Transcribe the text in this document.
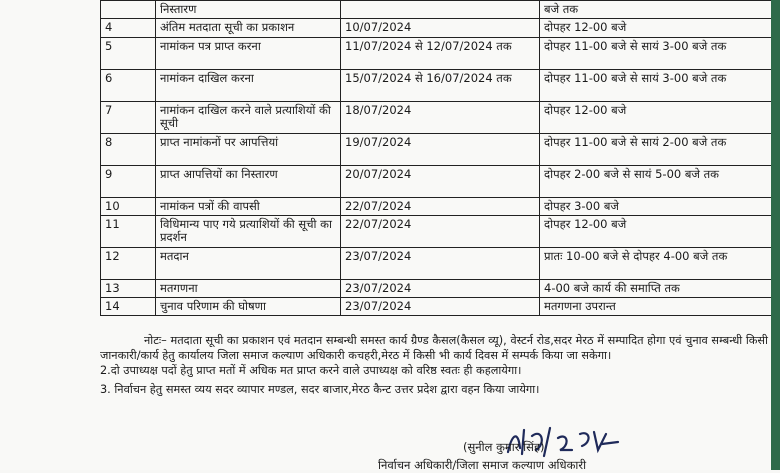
	निस्तारण		बजे तक
4	अंतिम मतदाता सूची का प्रकाशन	10/07/2024	दोपहर 12-00 बजे
5	नामांकन पत्र प्राप्त करना	11/07/2024 से 12/07/2024 तक	दोपहर 11-00 बजे से सायं 3-00 बजे तक
6	नामांकन दाखिल करना	15/07/2024 से 16/07/2024 तक	दोपहर 11-00 बजे से सायं 3-00 बजे तक
7	नामांकन दाखिल करने वाले प्रत्याशियों की सूची	18/07/2024	दोपहर 12-00 बजे
8	प्राप्त नामांकनों पर आपत्तियां	19/07/2024	दोपहर 11-00 बजे से सायं 2-00 बजे तक
9	प्राप्त आपत्तियों का निस्तारण	20/07/2024	दोपहर 2-00 बजे से सायं 5-00 बजे तक
10	नामांकन पत्रों की वापसी	22/07/2024	दोपहर 3-00 बजे
11	विधिमान्य पाए गये प्रत्याशियों की सूची का प्रदर्शन	22/07/2024	दोपहर 12-00 बजे
12	मतदान	23/07/2024	प्रातः 10-00 बजे से दोपहर 4-00 बजे तक
13	मतगणना	23/07/2024	4-00 बजे कार्य की समाप्ति तक
14	चुनाव परिणाम की घोषणा	23/07/2024	मतगणना उपरान्त

नोटः– मतदाता सूची का प्रकाशन एवं मतदान सम्बन्धी समस्त कार्य ग्रैण्ड कैसल(कैसल व्यू), वेस्टर्न रोड,सदर मेरठ में सम्पादित होगा एवं चुनाव सम्बन्धी किसी जानकारी/कार्य हेतु कार्यालय जिला समाज कल्याण अधिकारी कचहरी,मेरठ में किसी भी कार्य दिवस में सम्पर्क किया जा सकेगा।

2.दो उपाध्यक्ष पदों हेतु प्राप्त मतों में अधिक मत प्राप्त करने वाले उपाध्यक्ष को वरिष्ठ स्वतः ही कहलायेगा।

3. निर्वाचन हेतु समस्त व्यय सदर व्यापार मण्डल, सदर बाजार,मेरठ कैन्ट उत्तर प्रदेश द्वारा वहन किया जायेगा।

(सुनील कुमार सिंह)
निर्वाचन अधिकारी/जिला समाज कल्याण अधिकारी
